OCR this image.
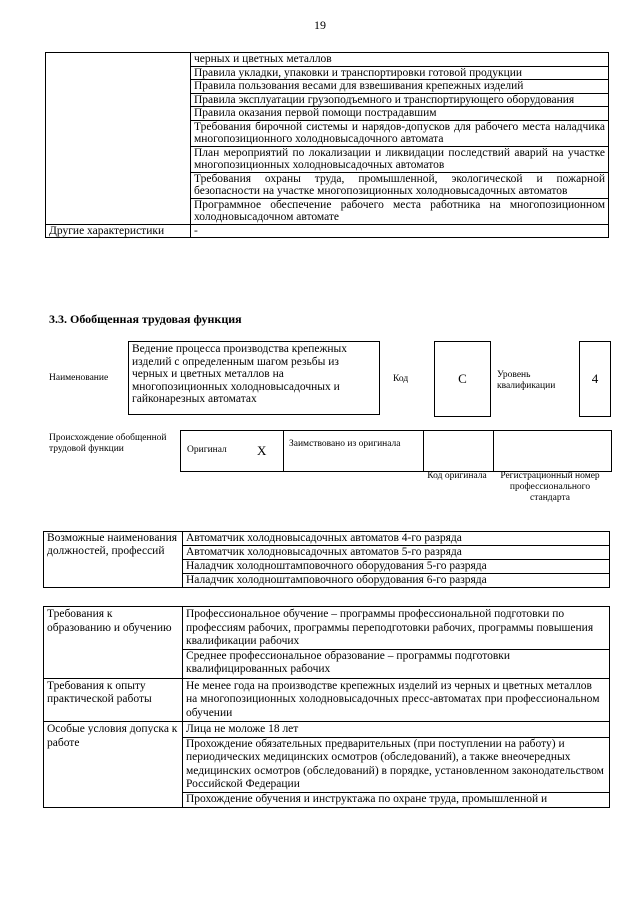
19
	черных и цветных металлов
	Правила укладки, упаковки и транспортировки готовой продукции
	Правила пользования весами для взвешивания крепежных изделий

	Правила эксплуатации грузоподъемного и транспортирующего оборудования

	Правила оказания первой помощи пострадавшим

	Требования бирочной системы и нарядов-допусков для рабочего места наладчика многопозиционного холодновысадочного автомата

	План мероприятий по локализации и ликвидации последствий аварий на участке многопозиционных холодновысадочных автоматов

	Требования охраны труда, промышленной, экологической и пожарной безопасности на участке многопозиционных холодновысадочных автоматов

	Программное обеспечение рабочего места работника на многопозиционном холодновысадочном автомате

Другие характеристики	-
3.3. Обобщенная трудовая функция
Наименование
Ведение процесса производства крепежных изделий с определенным шагом резьбы из черных и цветных металлов на многопозиционных холодновысадочных и гайконарезных автоматах
Код	C	Уровень квалификации	4
Происхождение обобщенной трудовой функции	Оригинал X Заимствовано из оригинала
Код оригинала Регистрационный номер профессионального стандарта
Возможные наименования должностей, профессий	
Автоматчик холодновысадочных автоматов 4-го разряда
Автоматчик холодновысадочных автоматов 5-го разряда
Наладчик холодноштамповочного оборудования 5-го разряда
Наладчик холодноштамповочного оборудования 6-го разряда
Требования к образованию и обучению	Профессиональное обучение – программы профессиональной подготовки по профессиям рабочих, программы переподготовки рабочих, программы повышения квалификации рабочих
Среднее профессиональное образование – программы подготовки квалифицированных рабочих

Требования к опыту практической работы	Не менее года на производстве крепежных изделий из черных и цветных металлов на многопозиционных холодновысадочных пресс-автоматах при профессиональном обучении

Особые условия допуска к работе	Лица не моложе 18 лет
Прохождение обязательных предварительных (при поступлении на работу) и периодических медицинских осмотров (обследований), а также внеочередных медицинских осмотров (обследований) в порядке, установленном законодательством Российской Федерации
Прохождение обучения и инструктажа по охране труда, промышленной и
